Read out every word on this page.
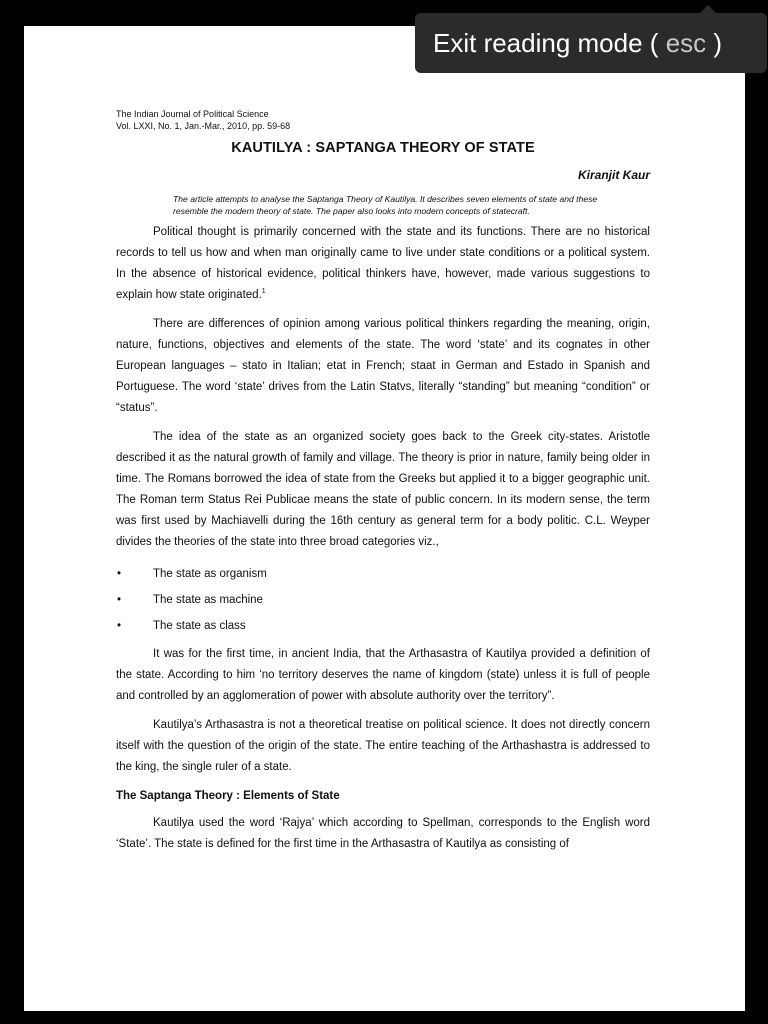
Exit reading mode ( esc )
The Indian Journal of Political Science
Vol. LXXI, No. 1, Jan.-Mar., 2010, pp. 59-68
KAUTILYA : SAPTANGA THEORY OF STATE
Kiranjit Kaur
The article attempts to analyse the Saptanga Theory of Kautilya. It describes seven elements of state and these resemble the modern theory of state. The paper also looks into modern concepts of statecraft.

Political thought is primarily concerned with the state and its functions. There are no historical records to tell us how and when man originally came to live under state conditions or a political system. In the absence of historical evidence, political thinkers have, however, made various suggestions to explain how state originated.$^1$

There are differences of opinion among various political thinkers regarding the meaning, origin, nature, functions, objectives and elements of the state. The word ‘state’ and its cognates in other European languages – stato in Italian; etat in French; staat in German and Estado in Spanish and Portuguese. The word ‘state’ drives from the Latin Statvs, literally “standing” but meaning “condition” or “status”.

The idea of the state as an organized society goes back to the Greek city-states. Aristotle described it as the natural growth of family and village. The theory is prior in nature, family being older in time. The Romans borrowed the idea of state from the Greeks but applied it to a bigger geographic unit. The Roman term Status Rei Publicae means the state of public concern. In its modern sense, the term was first used by Machiavelli during the 16th century as general term for a body politic. C.L. Weyper divides the theories of the state into three broad categories viz.,

• The state as organism
• The state as machine
• The state as class

It was for the first time, in ancient India, that the Arthasastra of Kautilya provided a definition of the state. According to him ‘no territory deserves the name of kingdom (state) unless it is full of people and controlled by an agglomeration of power with absolute authority over the territory”.

Kautilya’s Arthasastra is not a theoretical treatise on political science. It does not directly concern itself with the question of the origin of the state. The entire teaching of the Arthashastra is addressed to the king, the single ruler of a state.

The Saptanga Theory : Elements of State

Kautilya used the word ‘Rajya’ which according to Spellman, corresponds to the English word ‘State’. The state is defined for the first time in the Arthasastra of Kautilya as consisting of
